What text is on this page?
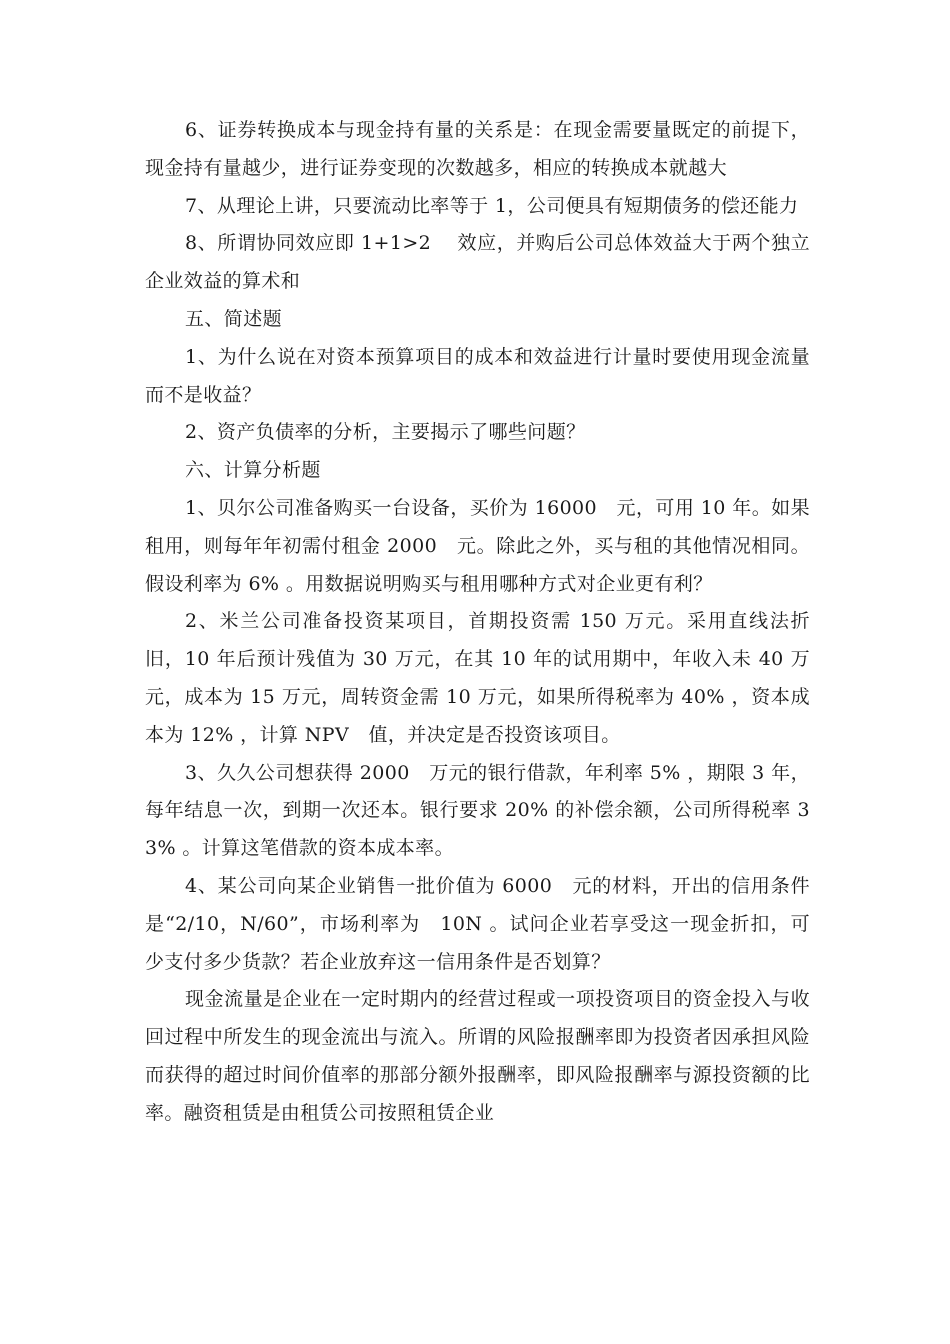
6、证券转换成本与现金持有量的关系是：在现金需要量既定的前提下，现金持有量越少，进行证券变现的次数越多，相应的转换成本就越大

7、从理论上讲，只要流动比率等于 1，公司便具有短期债务的偿还能力

8、所谓协同效应即 1+1>2　 效应，并购后公司总体效益大于两个独立企业效益的算术和

五、简述题

1、为什么说在对资本预算项目的成本和效益进行计量时要使用现金流量而不是收益？

2、资产负债率的分析，主要揭示了哪些问题？

六、计算分析题

1、贝尔公司准备购买一台设备，买价为 16000　元，可用 10 年。如果租用，则每年年初需付租金 2000　元。除此之外，买与租的其他情况相同。假设利率为 6% 。用数据说明购买与租用哪种方式对企业更有利？

2、米兰公司准备投资某项目，首期投资需 150 万元。采用直线法折旧，10 年后预计残值为 30 万元，在其 10 年的试用期中，年收入未 40 万元，成本为 15 万元，周转资金需 10 万元，如果所得税率为 40% ，资本成本为 12% ，计算 NPV　值，并决定是否投资该项目。

3、久久公司想获得 2000　万元的银行借款，年利率 5% ，期限 3 年，每年结息一次，到期一次还本。银行要求 20% 的补偿余额，公司所得税率 33% 。计算这笔借款的资本成本率。

4、某公司向某企业销售一批价值为 6000　元的材料，开出的信用条件是“2/10，N/60”，市场利率为　10N 。试问企业若享受这一现金折扣，可少支付多少货款？若企业放弃这一信用条件是否划算？

现金流量是企业在一定时期内的经营过程或一项投资项目的资金投入与收回过程中所发生的现金流出与流入。所谓的风险报酬率即为投资者因承担风险而获得的超过时间价值率的那部分额外报酬率，即风险报酬率与源投资额的比率。融资租赁是由租赁公司按照租赁企业
